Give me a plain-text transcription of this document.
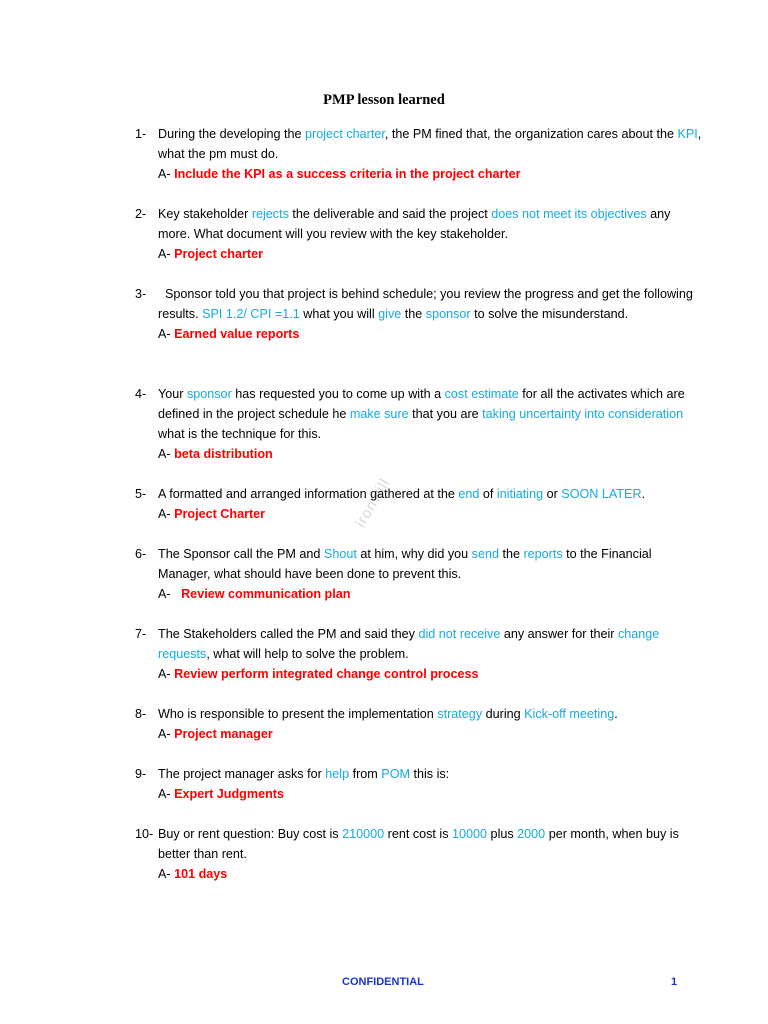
PMP lesson learned
ironwill
CONFIDENTIAL	1
1- During the developing the project charter, the PM fined that, the organization cares about the KPI, what the pm must do.
A- Include the KPI as a success criteria in the project charter
2- Key stakeholder rejects the deliverable and said the project does not meet its objectives any more. What document will you review with the key stakeholder.
A- Project charter
3- Sponsor told you that project is behind schedule; you review the progress and get the following results. SPI 1.2/ CPI =1.1 what you will give the sponsor to solve the misunderstand.
A- Earned value reports
4- Your sponsor has requested you to come up with a cost estimate for all the activates which are defined in the project schedule he make sure that you are taking uncertainty into consideration what is the technique for this.
A- beta distribution
5- A formatted and arranged information gathered at the end of initiating or SOON LATER.
A- Project Charter
6- The Sponsor call the PM and Shout at him, why did you send the reports to the Financial Manager, what should have been done to prevent this.
A-   Review communication plan
7- The Stakeholders called the PM and said they did not receive any answer for their change requests, what will help to solve the problem.
A- Review perform integrated change control process
8- Who is responsible to present the implementation strategy during Kick-off meeting.
A- Project manager
9- The project manager asks for help from POM this is:
A- Expert Judgments
10- Buy or rent question: Buy cost is 210000 rent cost is 10000 plus 2000 per month, when buy is better than rent.
A- 101 days
